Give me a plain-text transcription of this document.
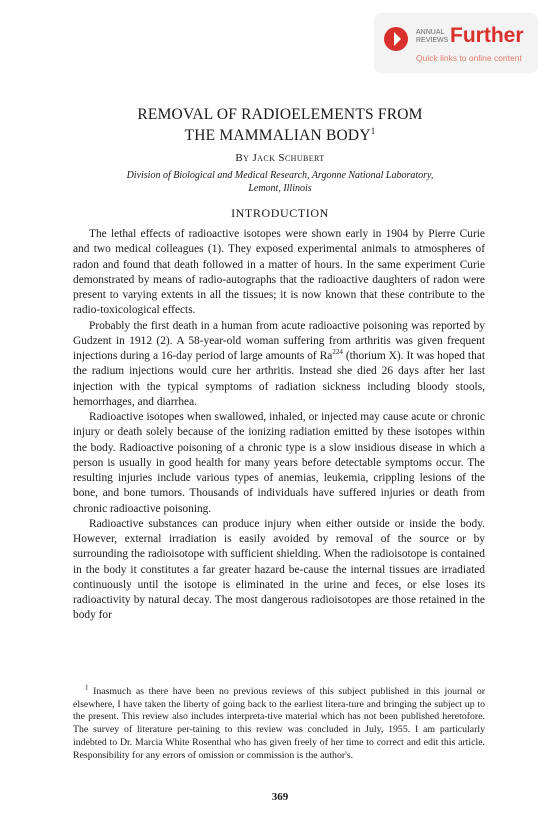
ANNUAL REVIEWS Further
Quick links to online content
REMOVAL OF RADIOELEMENTS FROM
THE MAMMALIAN BODY$^1$
By Jack Schubert
Division of Biological and Medical Research, Argonne National Laboratory,
Lemont, Illinois
INTRODUCTION

The lethal effects of radioactive isotopes were shown early in 1904 by Pierre Curie and two medical colleagues (1). They exposed experimental animals to atmospheres of radon and found that death followed in a matter of hours. In the same experiment Curie demonstrated by means of radio-autographs that the radioactive daughters of radon were present to varying extents in all the tissues; it is now known that these contribute to the radio-toxicological effects.

Probably the first death in a human from acute radioactive poisoning was reported by Gudzent in 1912 (2). A 58-year-old woman suffering from arthritis was given frequent injections during a 16-day period of large amounts of Ra$^{224}$ (thorium X). It was hoped that the radium injections would cure her arthritis. Instead she died 26 days after her last injection with the typical symptoms of radiation sickness including bloody stools, hemorrhages, and diarrhea.

Radioactive isotopes when swallowed, inhaled, or injected may cause acute or chronic injury or death solely because of the ionizing radiation emitted by these isotopes within the body. Radioactive poisoning of a chronic type is a slow insidious disease in which a person is usually in good health for many years before detectable symptoms occur. The resulting injuries include various types of anemias, leukemia, crippling lesions of the bone, and bone tumors. Thousands of individuals have suffered injuries or death from chronic radioactive poisoning.

Radioactive substances can produce injury when either outside or inside the body. However, external irradiation is easily avoided by removal of the source or by surrounding the radioisotope with sufficient shielding. When the radioisotope is contained in the body it constitutes a far greater hazard be-cause the internal tissues are irradiated continuously until the isotope is eliminated in the urine and feces, or else loses its radioactivity by natural decay. The most dangerous radioisotopes are those retained in the body for

$^1$ Inasmuch as there have been no previous reviews of this subject published in this journal or elsewhere, I have taken the liberty of going back to the earliest litera-ture and bringing the subject up to the present. This review also includes interpreta-tive material which has not been published heretofore. The survey of literature per-taining to this review was concluded in July, 1955. I am particularly indebted to Dr. Marcia White Rosenthal who has given freely of her time to correct and edit this article. Responsibility for any errors of omission or commission is the author's.

369
